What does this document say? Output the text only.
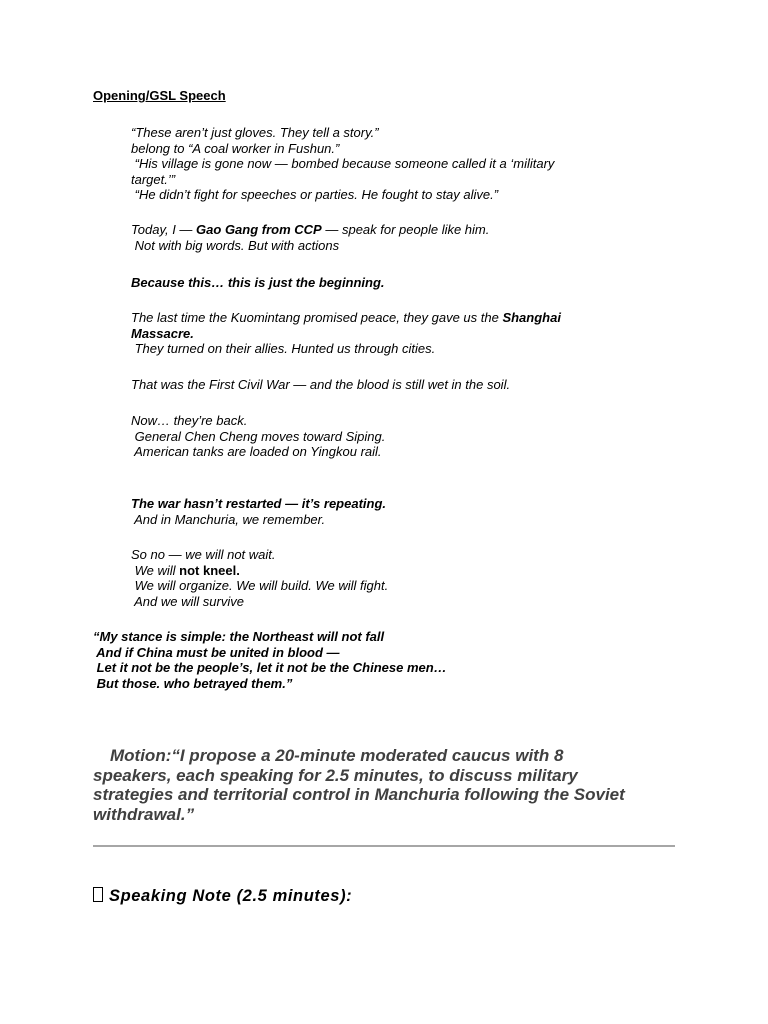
Opening/GSL Speech

“These aren’t just gloves. They tell a story.”
belong to “A coal worker in Fushun.”
“His village is gone now — bombed because someone called it a ‘military
target.’”
“He didn’t fight for speeches or parties. He fought to stay alive.”
Today, I — Gao Gang from CCP — speak for people like him.
Not with big words. But with actions

Because this… this is just the beginning.

The last time the Kuomintang promised peace, they gave us the Shanghai
Massacre.
They turned on their allies. Hunted us through cities.

That was the First Civil War — and the blood is still wet in the soil.

Now… they’re back.
General Chen Cheng moves toward Siping.
American tanks are loaded on Yingkou rail.
The war hasn’t restarted — it’s repeating.
And in Manchuria, we remember.
So no — we will not wait.
We will not kneel.
We will organize. We will build. We will fight.
And we will survive
“My stance is simple: the Northeast will not fall
And if China must be united in blood —
Let it not be the people’s, let it not be the Chinese men…
But those. who betrayed them.”
Motion:“I propose a 20-minute moderated caucus with 8
speakers, each speaking for 2.5 minutes, to discuss military
strategies and territorial control in Manchuria following the Soviet
withdrawal.”
Speaking Note (2.5 minutes):
